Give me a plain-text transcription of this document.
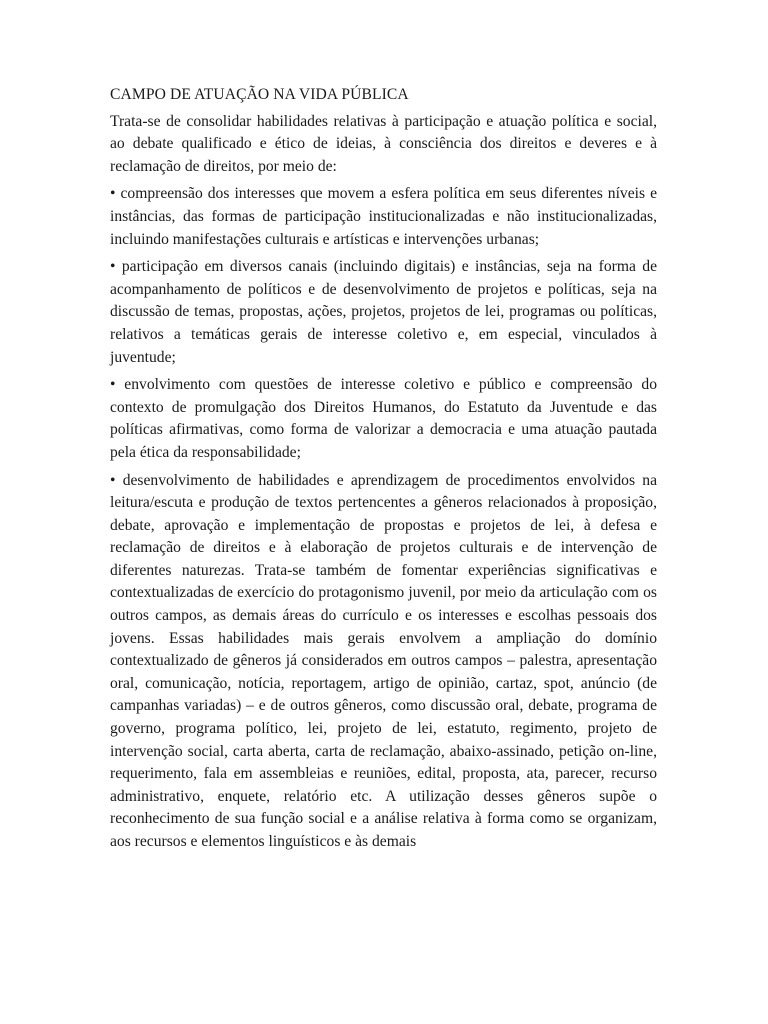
CAMPO DE ATUAÇÃO NA VIDA PÚBLICA

Trata-se de consolidar habilidades relativas à participação e atuação política e social, ao debate qualificado e ético de ideias, à consciência dos direitos e deveres e à reclamação de direitos, por meio de:

• compreensão dos interesses que movem a esfera política em seus diferentes níveis e instâncias, das formas de participação institucionalizadas e não institucionalizadas, incluindo manifestações culturais e artísticas e intervenções urbanas;

• participação em diversos canais (incluindo digitais) e instâncias, seja na forma de acompanhamento de políticos e de desenvolvimento de projetos e políticas, seja na discussão de temas, propostas, ações, projetos, projetos de lei, programas ou políticas, relativos a temáticas gerais de interesse coletivo e, em especial, vinculados à juventude;

• envolvimento com questões de interesse coletivo e público e compreensão do contexto de promulgação dos Direitos Humanos, do Estatuto da Juventude e das políticas afirmativas, como forma de valorizar a democracia e uma atuação pautada pela ética da responsabilidade;

• desenvolvimento de habilidades e aprendizagem de procedimentos envolvidos na leitura/escuta e produção de textos pertencentes a gêneros relacionados à proposição, debate, aprovação e implementação de propostas e projetos de lei, à defesa e reclamação de direitos e à elaboração de projetos culturais e de intervenção de diferentes naturezas. Trata-se também de fomentar experiências significativas e contextualizadas de exercício do protagonismo juvenil, por meio da articulação com os outros campos, as demais áreas do currículo e os interesses e escolhas pessoais dos jovens. Essas habilidades mais gerais envolvem a ampliação do domínio contextualizado de gêneros já considerados em outros campos – palestra, apresentação oral, comunicação, notícia, reportagem, artigo de opinião, cartaz, spot, anúncio (de campanhas variadas) – e de outros gêneros, como discussão oral, debate, programa de governo, programa político, lei, projeto de lei, estatuto, regimento, projeto de intervenção social, carta aberta, carta de reclamação, abaixo-assinado, petição on-line, requerimento, fala em assembleias e reuniões, edital, proposta, ata, parecer, recurso administrativo, enquete, relatório etc. A utilização desses gêneros supõe o reconhecimento de sua função social e a análise relativa à forma como se organizam, aos recursos e elementos linguísticos e às demais
